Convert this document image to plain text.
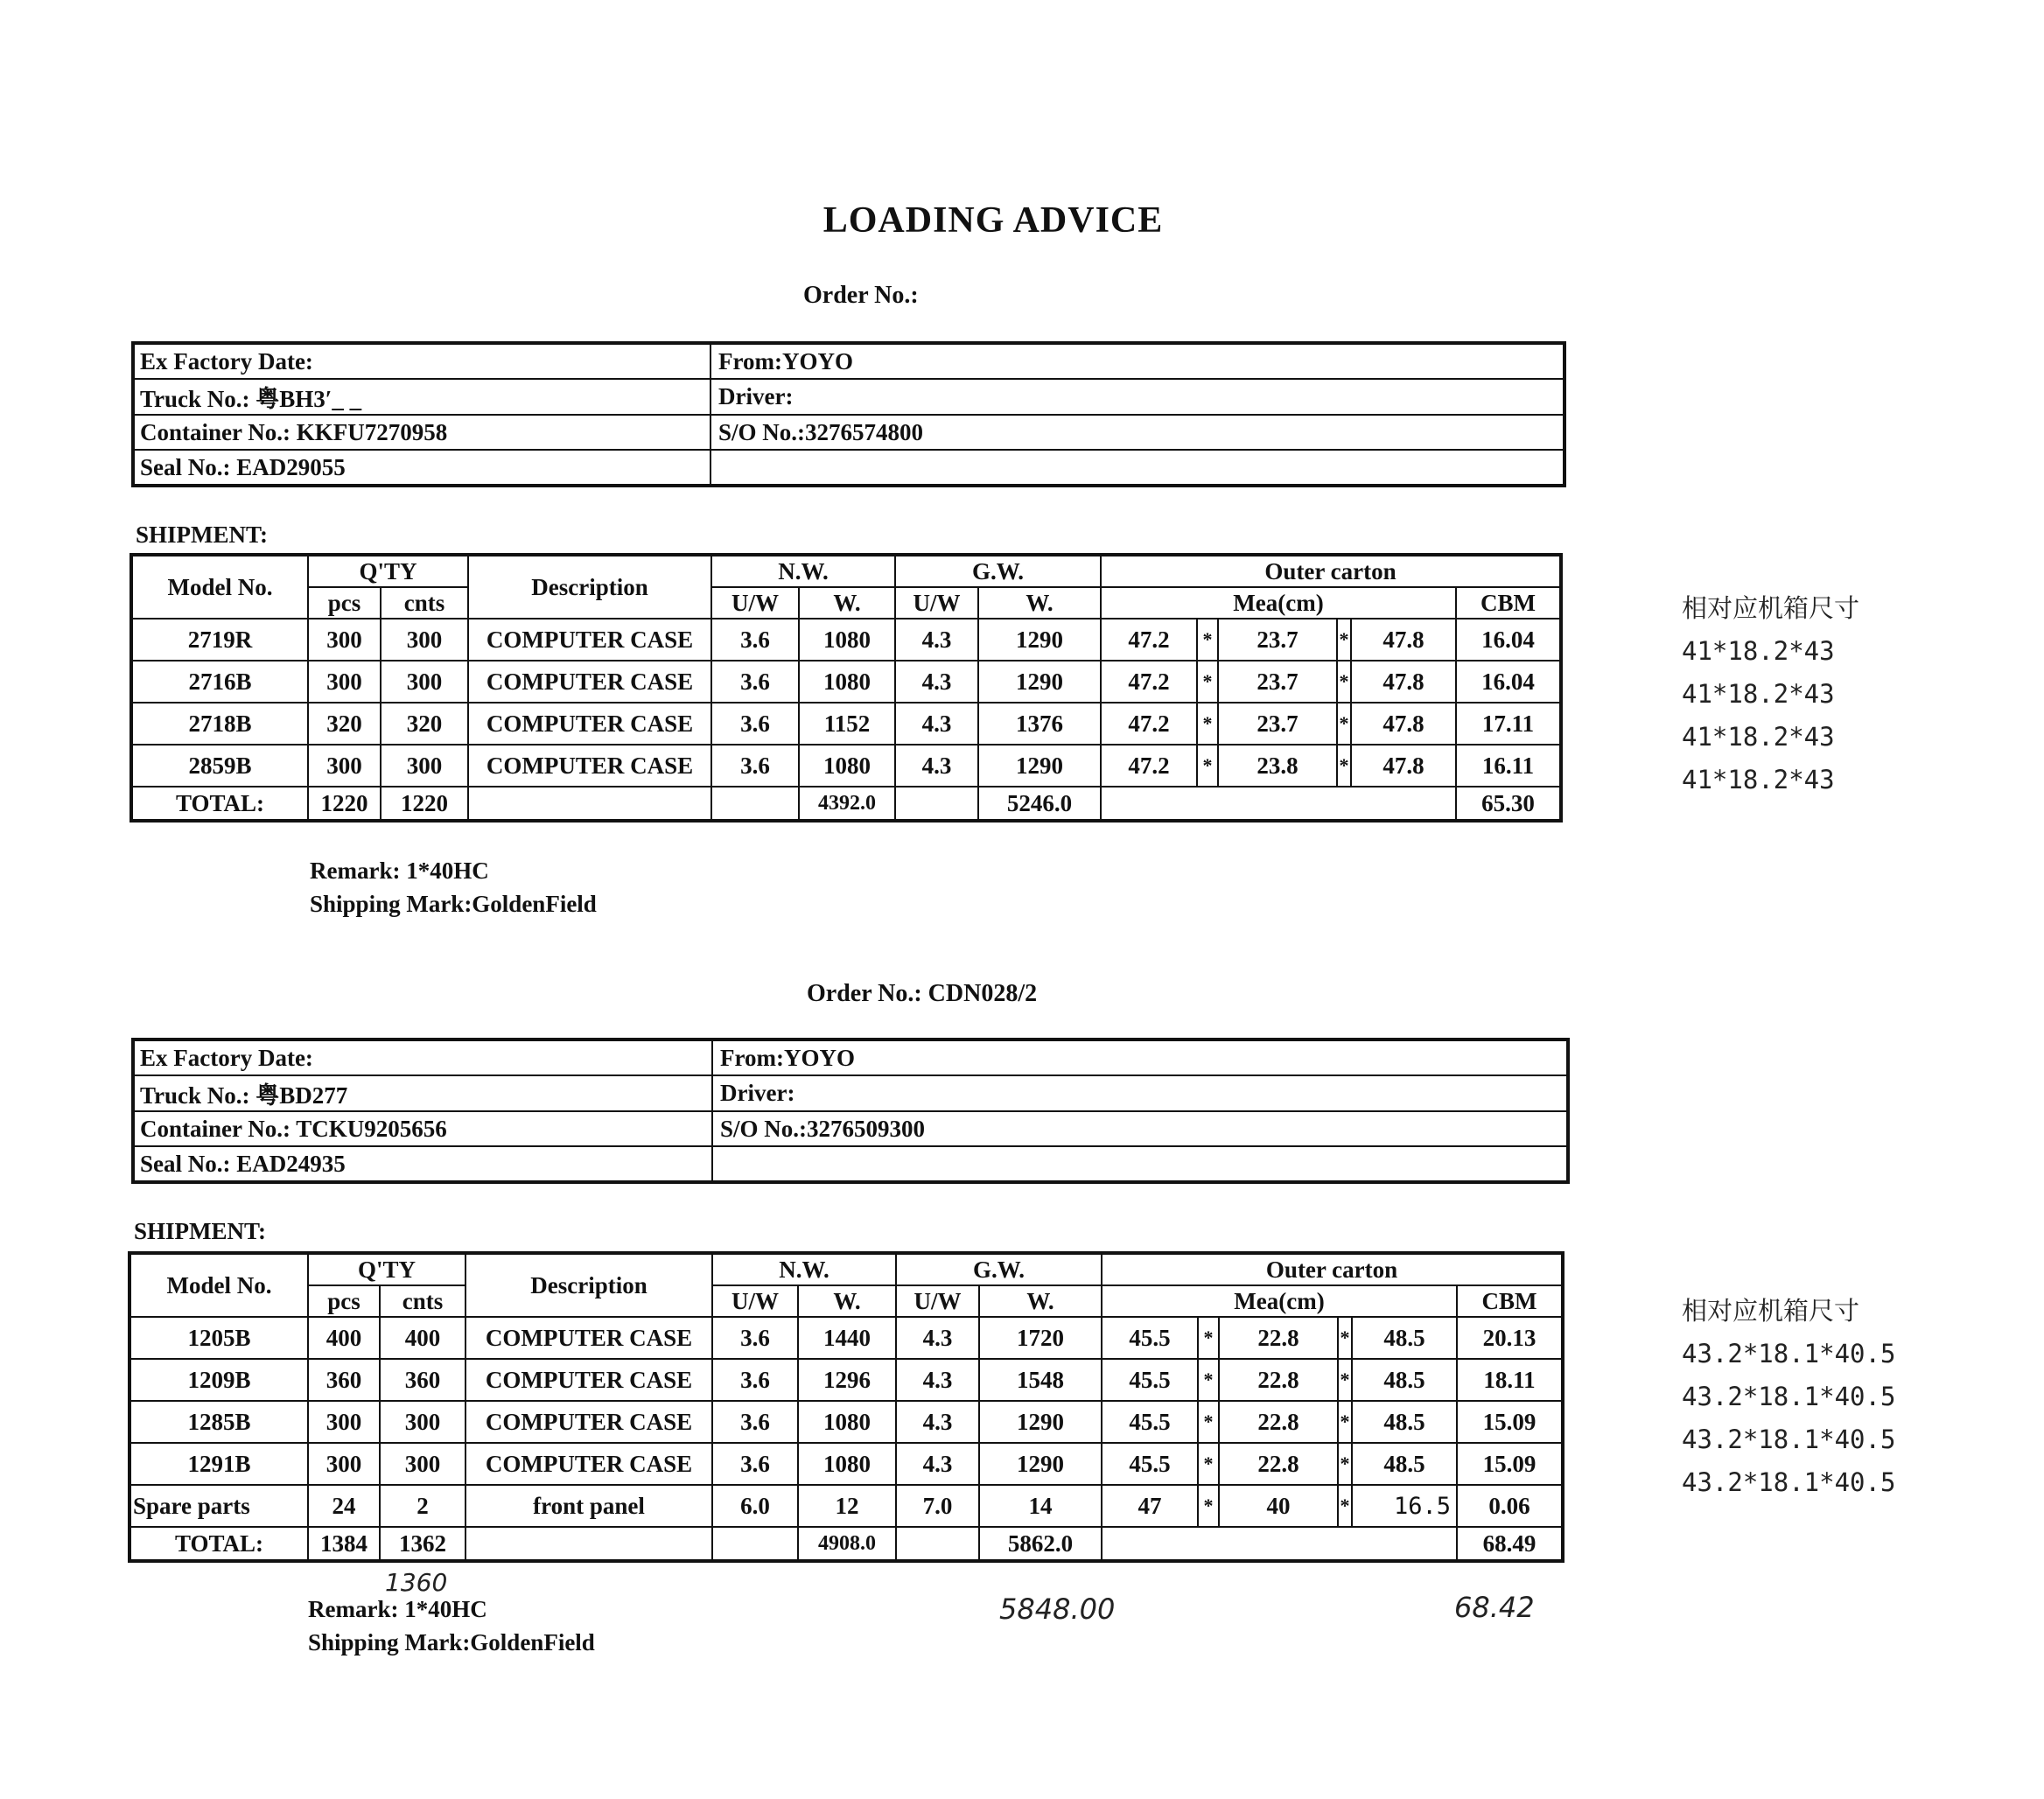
LOADING ADVICE
Order No.:
Ex Factory Date:	From:YOYO
Truck No.: 粤BH3′_ _	Driver:
Container No.: KKFU7270958	S/O No.:3276574800
Seal No.: EAD29055	
SHIPMENT:
Model No.	Q'TY		Description	N.W.		G.W.		Outer carton					
	pcs	cnts		U/W	W.	U/W	W.	Mea(cm)					CBM
2719R	300	300	COMPUTER CASE	3.6	1080	4.3	1290	47.2	*	23.7	*	47.8	16.04
2716B	300	300	COMPUTER CASE	3.6	1080	4.3	1290	47.2	*	23.7	*	47.8	16.04
2718B	320	320	COMPUTER CASE	3.6	1152	4.3	1376	47.2	*	23.7	*	47.8	17.11
2859B	300	300	COMPUTER CASE	3.6	1080	4.3	1290	47.2	*	23.8	*	47.8	16.11
TOTAL:	1220	1220			4392.0		5246.0						65.30
Remark: 1*40HC
Shipping Mark:GoldenField
相对应机箱尺寸
41*18.2*43
41*18.2*43
41*18.2*43
41*18.2*43
Order No.: CDN028/2
Ex Factory Date:	From:YOYO
Truck No.: 粤BD277	Driver:
Container No.: TCKU9205656	S/O No.:3276509300
Seal No.: EAD24935	
SHIPMENT:
Model No.	Q'TY		Description	N.W.		G.W.		Outer carton					
	pcs	cnts		U/W	W.	U/W	W.	Mea(cm)					CBM
1205B	400	400	COMPUTER CASE	3.6	1440	4.3	1720	45.5	*	22.8	*	48.5	20.13
1209B	360	360	COMPUTER CASE	3.6	1296	4.3	1548	45.5	*	22.8	*	48.5	18.11
1285B	300	300	COMPUTER CASE	3.6	1080	4.3	1290	45.5	*	22.8	*	48.5	15.09
1291B	300	300	COMPUTER CASE	3.6	1080	4.3	1290	45.5	*	22.8	*	48.5	15.09
Spare parts	24	2	front panel	6.0	12	7.0	14	47	*	40	*	16.5	0.06
TOTAL:	1384	1362			4908.0		5862.0						68.49
1360
5848.00	68.42
Remark: 1*40HC
Shipping Mark:GoldenField
相对应机箱尺寸
43.2*18.1*40.5
43.2*18.1*40.5
43.2*18.1*40.5
43.2*18.1*40.5
